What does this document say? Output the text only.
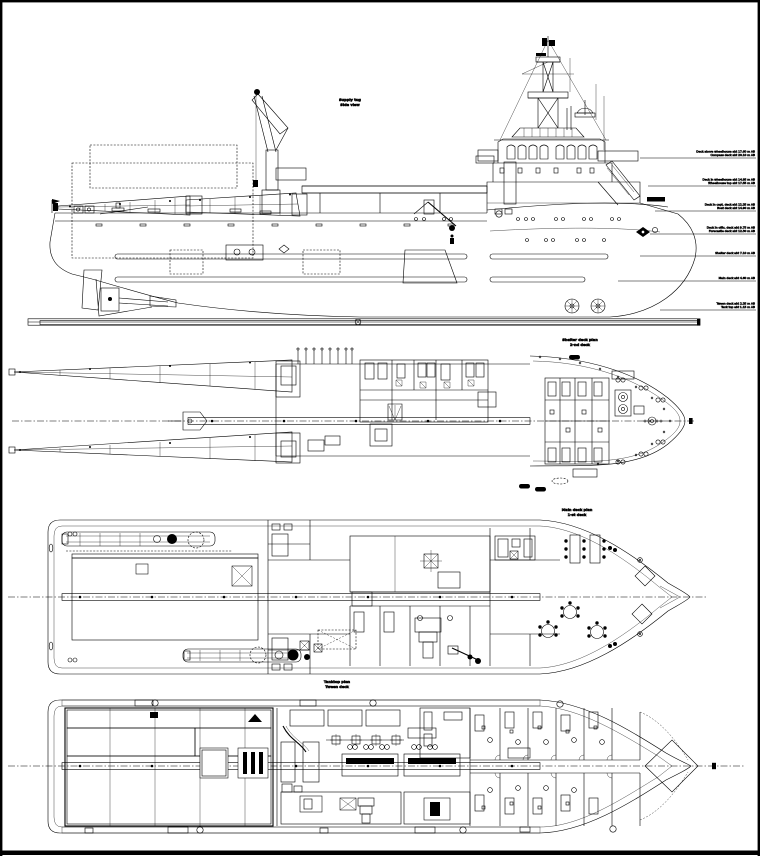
Deck above wheelhouse abt 17.60 m AB
Compass deck abt 20.10 m AB
Deck in wheelhouse abt 14.95 m AB
Wheelhouse top abt 17.55 m AB
Deck in capt. deck abt 12.35 m AB
Boat deck abt 14.90 m AB
Deck in offic. deck abt 9.75 m AB
Forecastle deck abt 12.30 m AB
Shelter deck abt 7.10 m AB
Main deck abt 4.60 m AB
Tween deck abt 2.35 m AB
Tank top abt 1.15 m AB
Supply tug
Side view
Shelter deck plan
2-nd deck
Main deck plan
1-st deck
Tanktop plan
Tween deck
